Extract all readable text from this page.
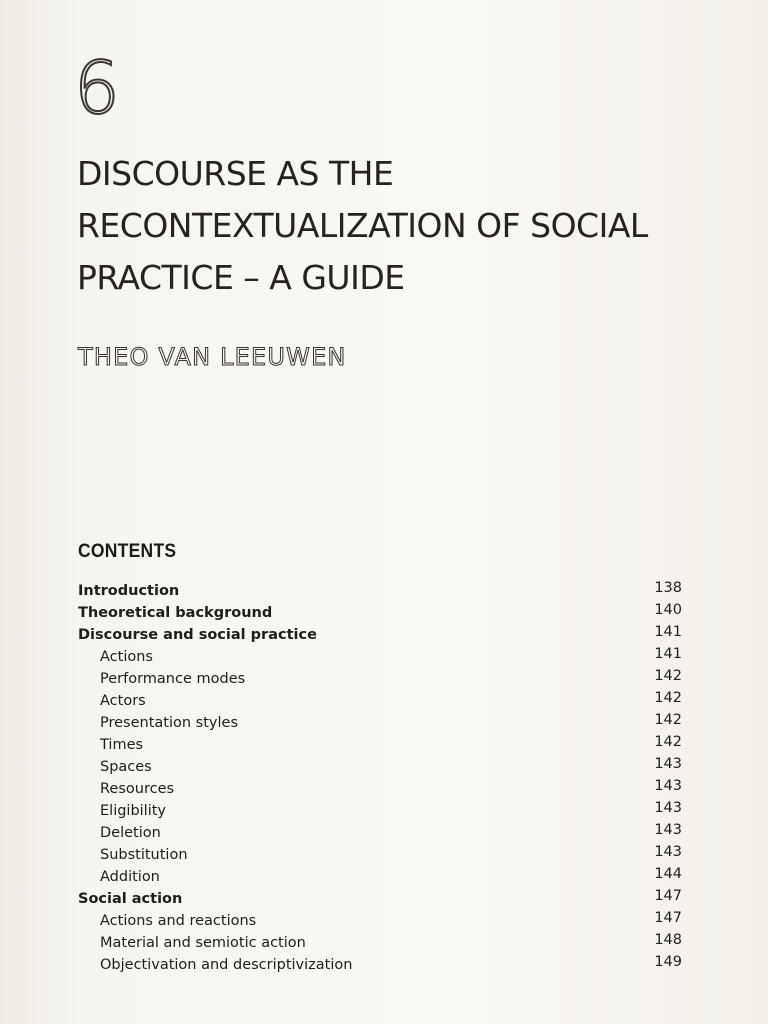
6
DISCOURSE AS THE
RECONTEXTUALIZATION OF SOCIAL
PRACTICE – A GUIDE
THEO VAN LEEUWEN
CONTENTS
Introduction	138
Theoretical background	140
Discourse and social practice	141
Actions	141
Performance modes	142
Actors	142
Presentation styles	142
Times	142
Spaces	143
Resources	143
Eligibility	143
Deletion	143
Substitution	143
Addition	144
Social action	147
Actions and reactions	147
Material and semiotic action	148
Objectivation and descriptivization	149
